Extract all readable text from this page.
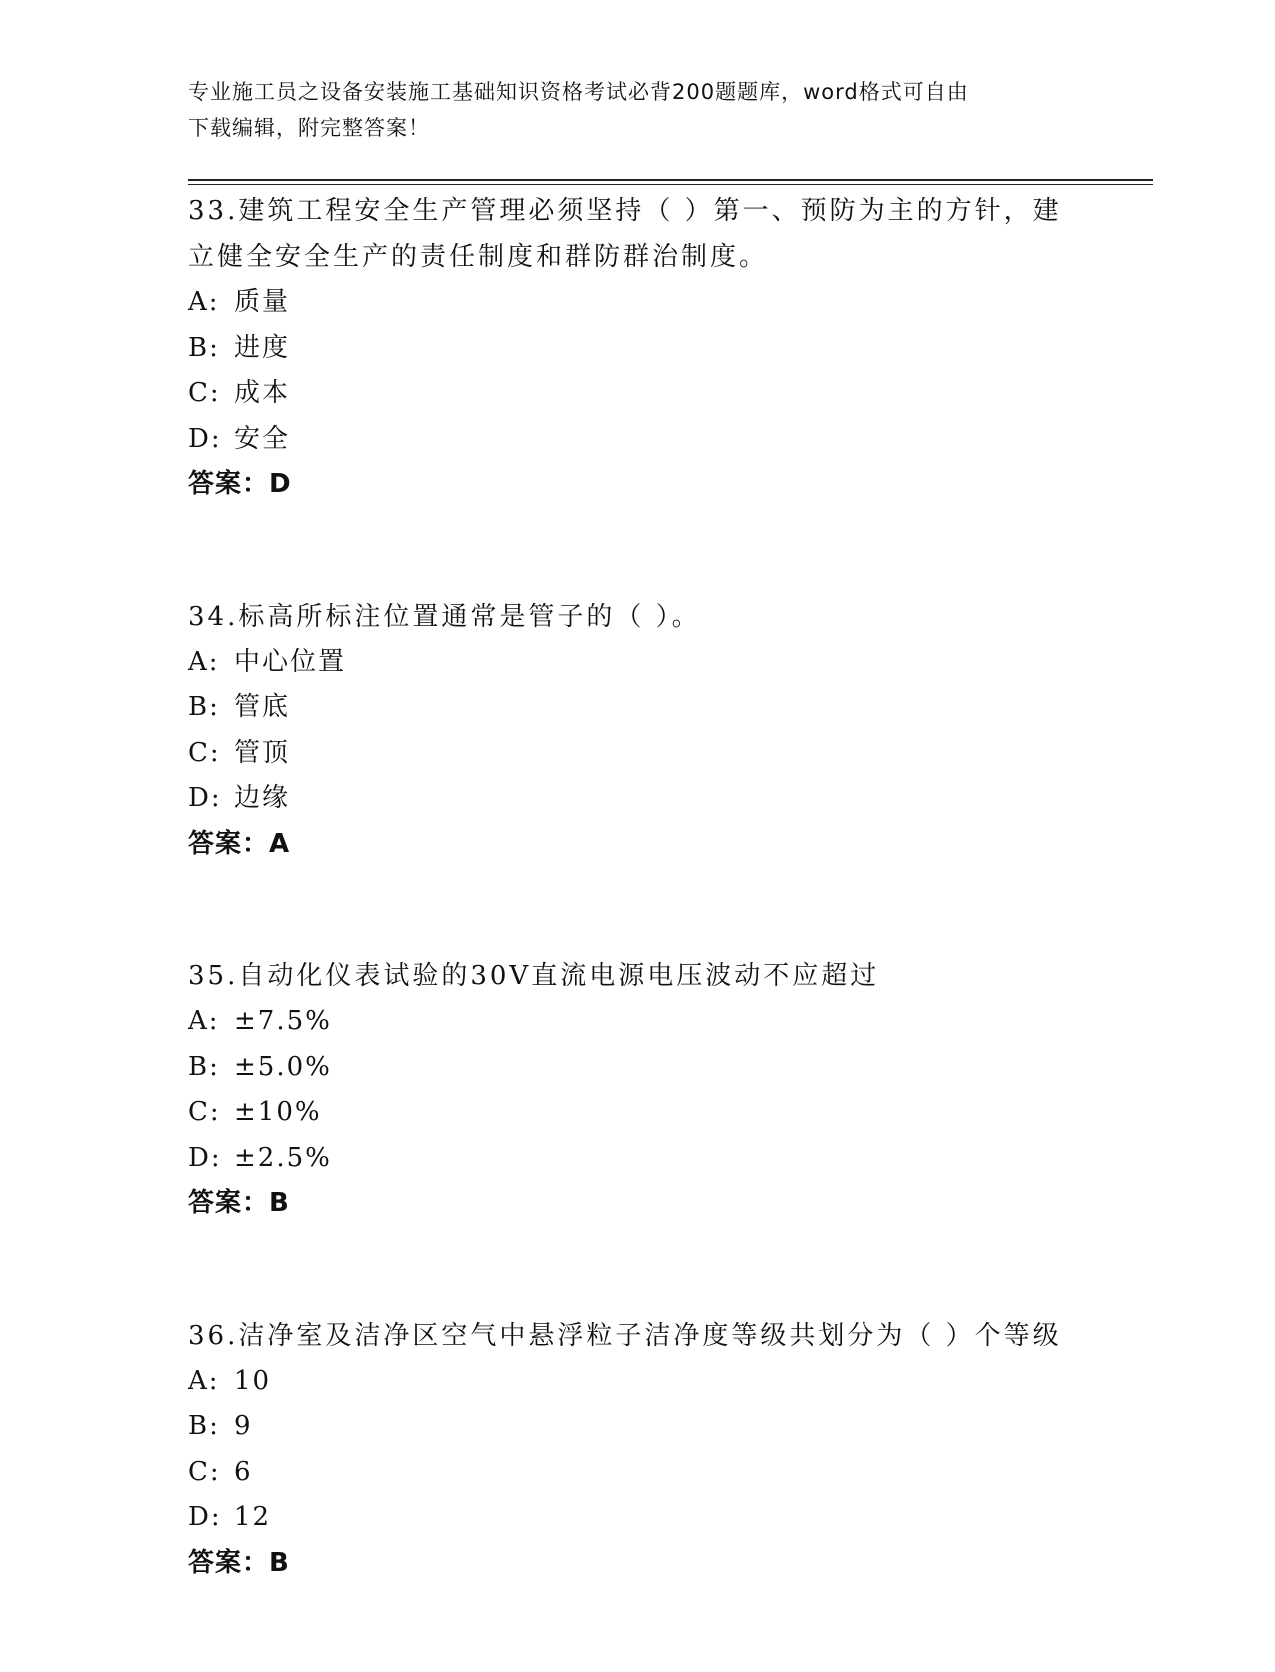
专业施工员之设备安装施工基础知识资格考试必背200题题库，word格式可自由
下载编辑，附完整答案！

33.建筑工程安全生产管理必须坚持（ ）第一、预防为主的方针，建立健全安全生产的责任制度和群防群治制度。

A: 质量

B: 进度

C: 成本

D: 安全

答案：D

34.标高所标注位置通常是管子的（ ）。

A: 中心位置

B: 管底

C: 管顶

D: 边缘

答案：A

35.自动化仪表试验的30V直流电源电压波动不应超过

A: ±7.5%

B: ±5.0%

C: ±10%

D: ±2.5%

答案：B

36.洁净室及洁净区空气中悬浮粒子洁净度等级共划分为（ ）个等级

A: 10

B: 9

C: 6

D: 12

答案：B
